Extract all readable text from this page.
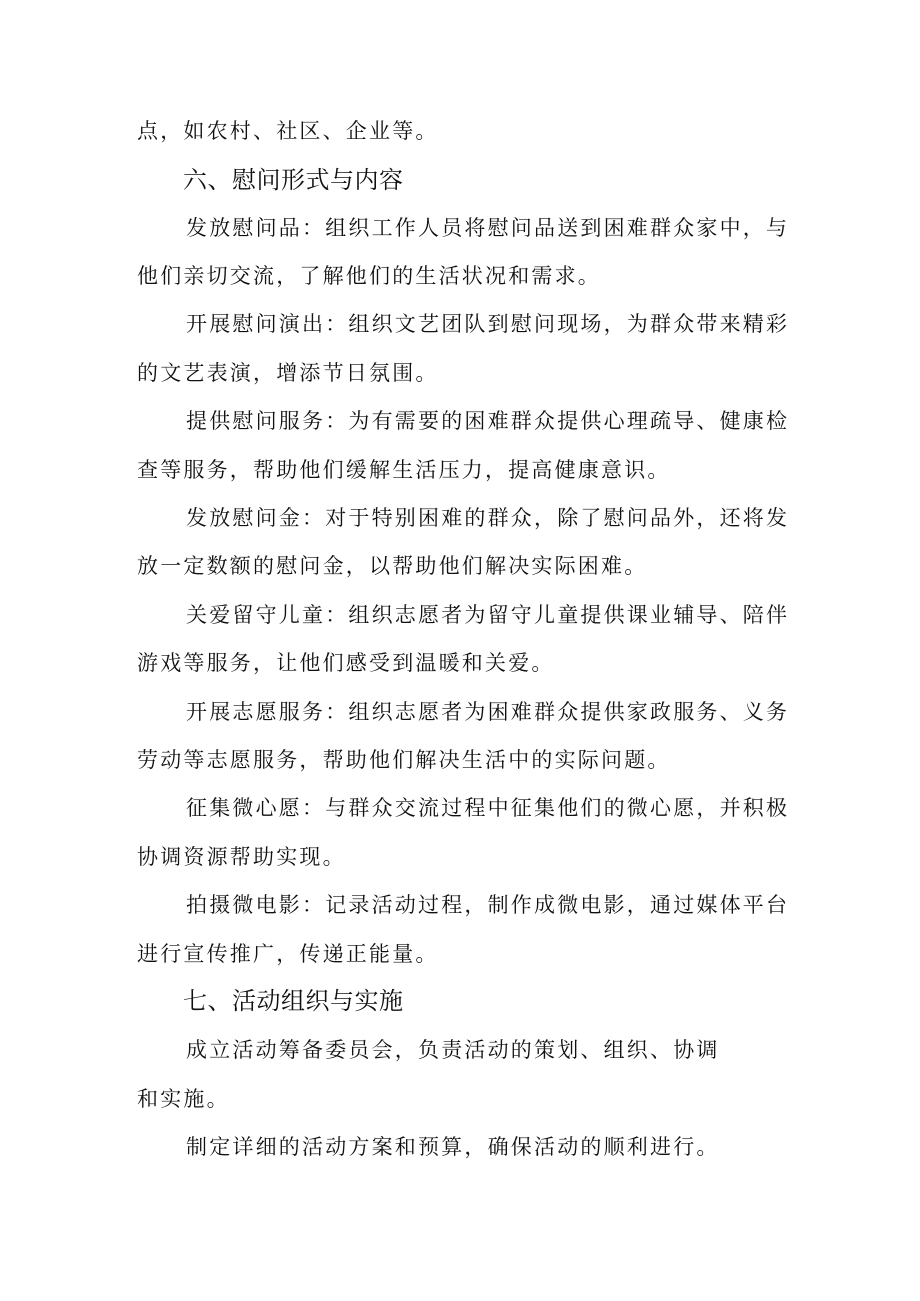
点，如农村、社区、企业等。
六、慰问形式与内容
发放慰问品：组织工作人员将慰问品送到困难群众家中，与
他们亲切交流，了解他们的生活状况和需求。
开展慰问演出：组织文艺团队到慰问现场，为群众带来精彩
的文艺表演，增添节日氛围。
提供慰问服务：为有需要的困难群众提供心理疏导、健康检
查等服务，帮助他们缓解生活压力，提高健康意识。
发放慰问金：对于特别困难的群众，除了慰问品外，还将发
放一定数额的慰问金，以帮助他们解决实际困难。
关爱留守儿童：组织志愿者为留守儿童提供课业辅导、陪伴
游戏等服务，让他们感受到温暖和关爱。
开展志愿服务：组织志愿者为困难群众提供家政服务、义务
劳动等志愿服务，帮助他们解决生活中的实际问题。
征集微心愿：与群众交流过程中征集他们的微心愿，并积极
协调资源帮助实现。
拍摄微电影：记录活动过程，制作成微电影，通过媒体平台
进行宣传推广，传递正能量。
七、活动组织与实施
成立活动筹备委员会，负责活动的策划、组织、协调
和实施。
制定详细的活动方案和预算，确保活动的顺利进行。
